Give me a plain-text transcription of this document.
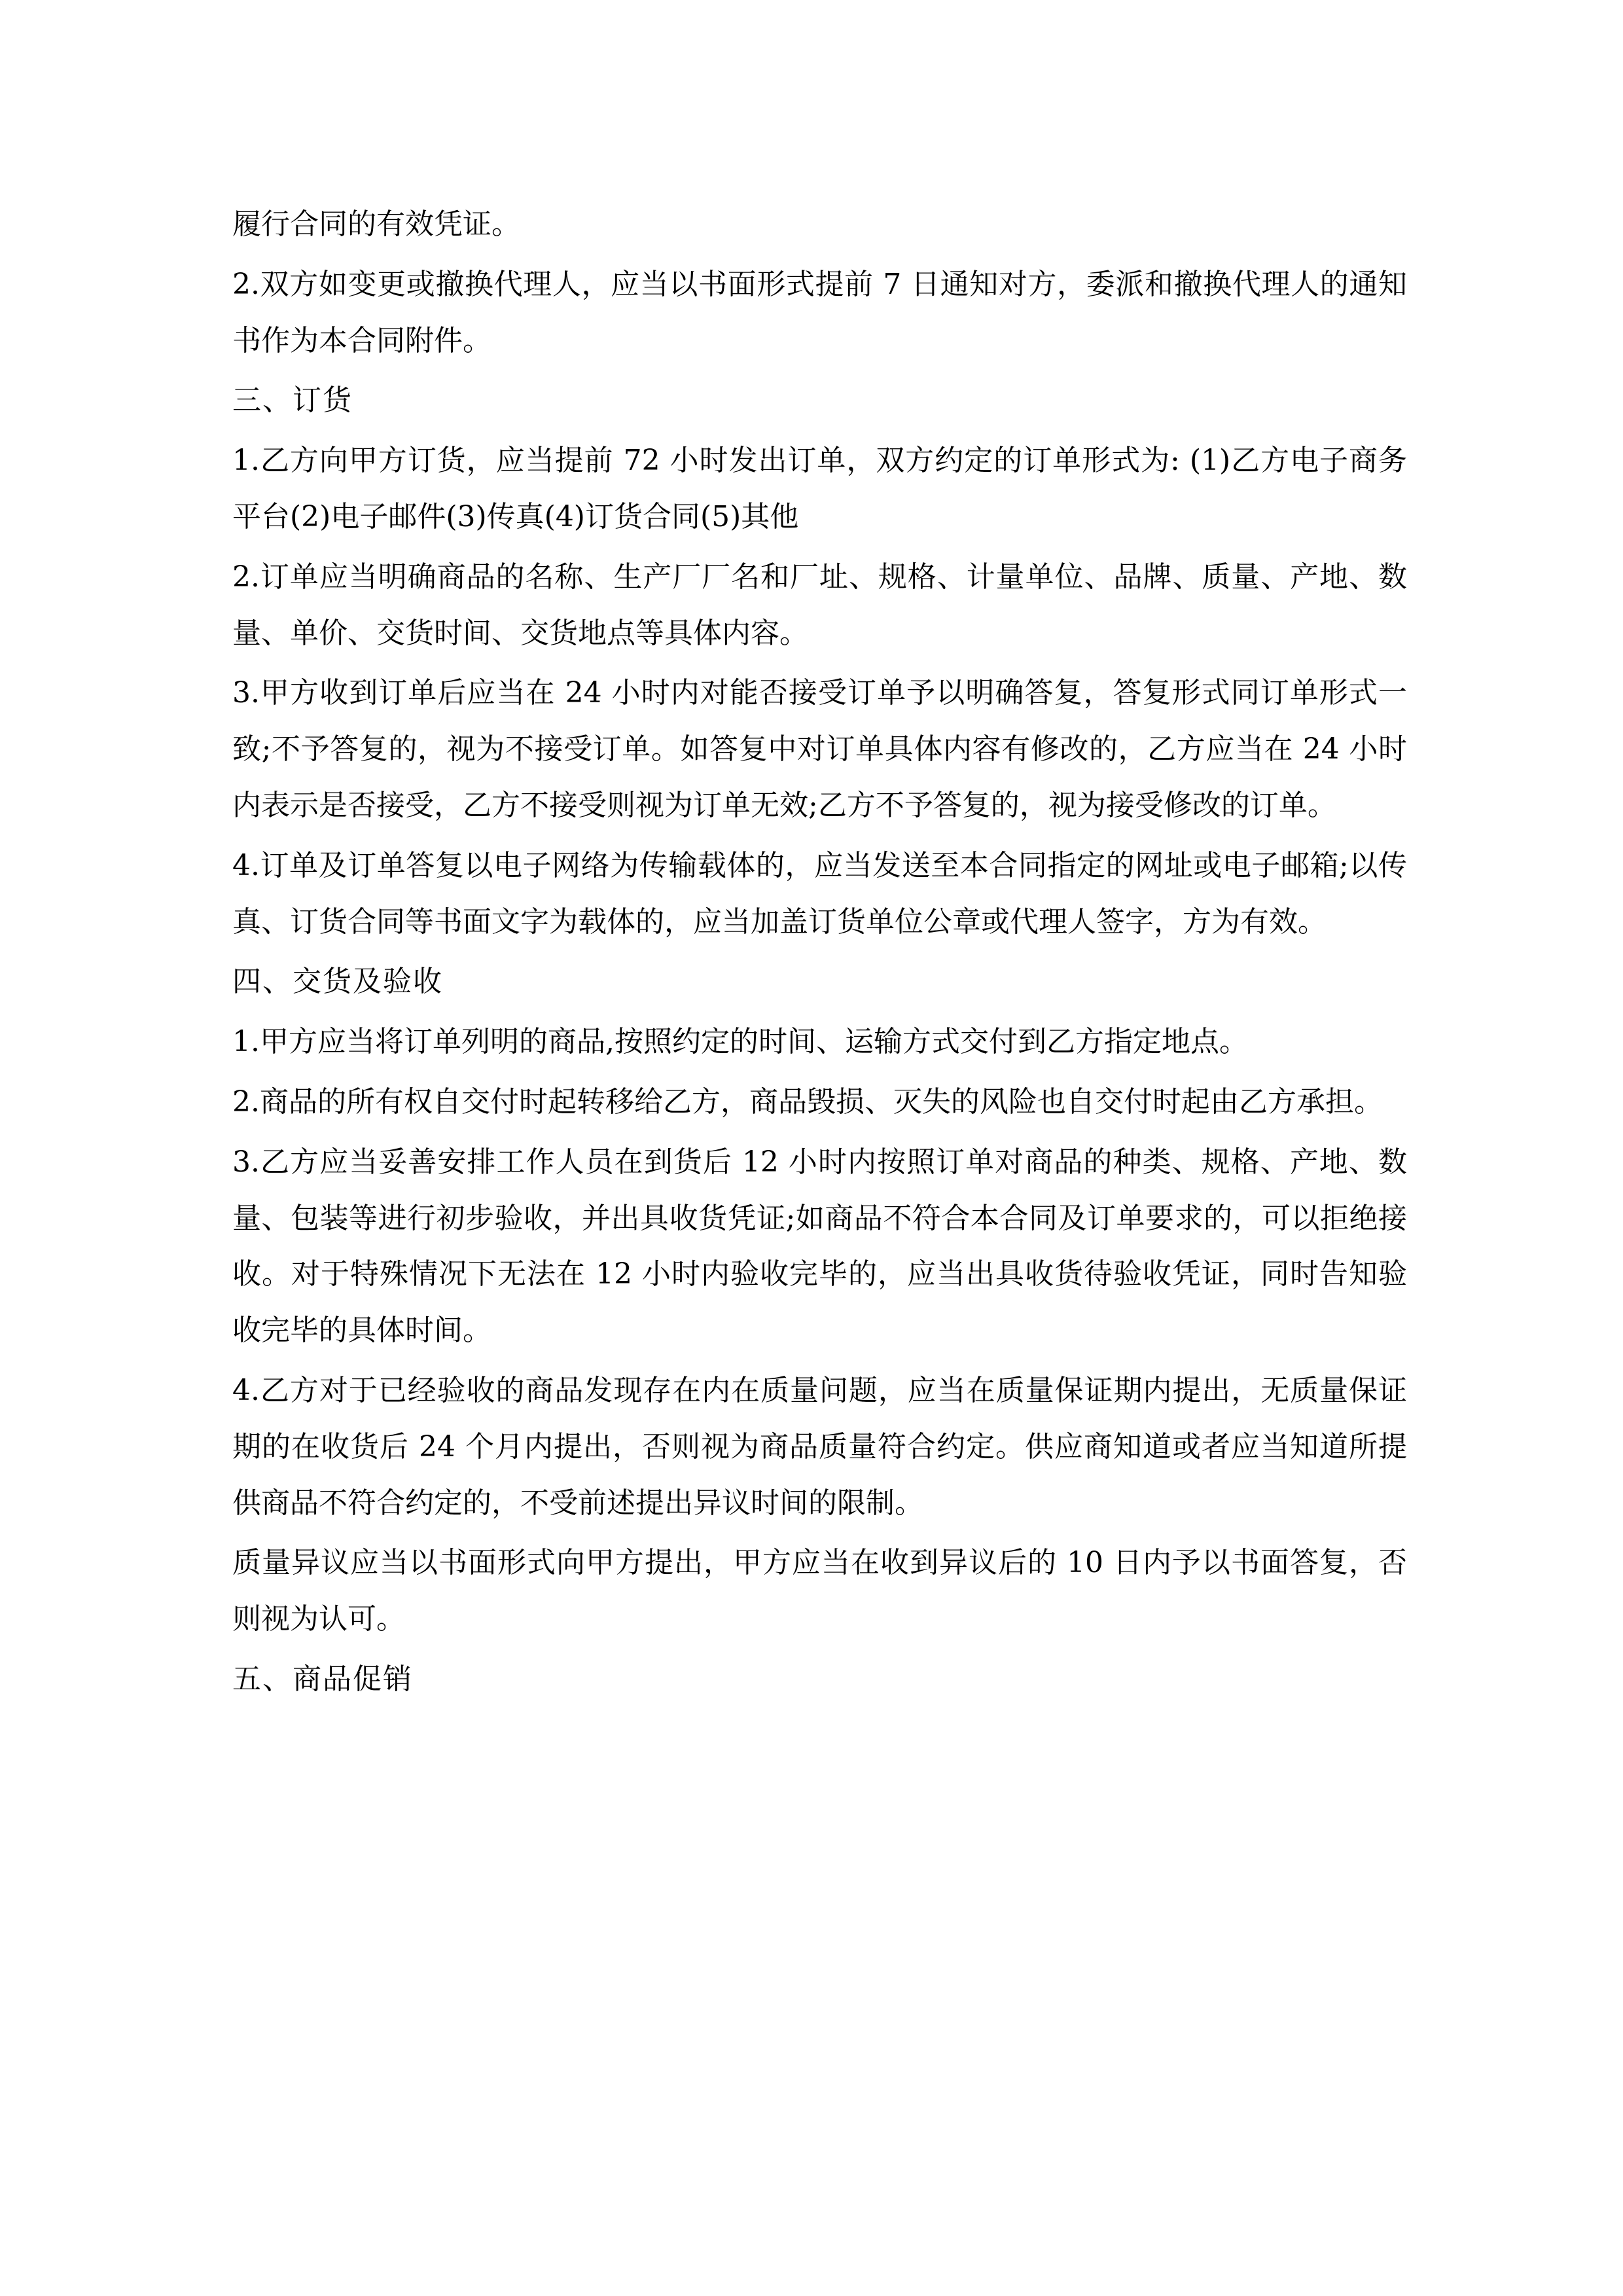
履行合同的有效凭证。

2.双方如变更或撤换代理人，应当以书面形式提前 7 日通知对方，委派和撤换代理人的通知书作为本合同附件。

三、订货

1.乙方向甲方订货，应当提前 72 小时发出订单，双方约定的订单形式为: (1)乙方电子商务平台(2)电子邮件(3)传真(4)订货合同(5)其他

2.订单应当明确商品的名称、生产厂厂名和厂址、规格、计量单位、品牌、质量、产地、数量、单价、交货时间、交货地点等具体内容。

3.甲方收到订单后应当在 24 小时内对能否接受订单予以明确答复，答复形式同订单形式一致;不予答复的，视为不接受订单。如答复中对订单具体内容有修改的，乙方应当在 24 小时内表示是否接受，乙方不接受则视为订单无效;乙方不予答复的，视为接受修改的订单。

4.订单及订单答复以电子网络为传输载体的，应当发送至本合同指定的网址或电子邮箱;以传真、订货合同等书面文字为载体的，应当加盖订货单位公章或代理人签字，方为有效。

四、交货及验收

1.甲方应当将订单列明的商品,按照约定的时间、运输方式交付到乙方指定地点。

2.商品的所有权自交付时起转移给乙方，商品毁损、灭失的风险也自交付时起由乙方承担。

3.乙方应当妥善安排工作人员在到货后 12 小时内按照订单对商品的种类、规格、产地、数量、包装等进行初步验收，并出具收货凭证;如商品不符合本合同及订单要求的，可以拒绝接收。对于特殊情况下无法在 12 小时内验收完毕的，应当出具收货待验收凭证，同时告知验收完毕的具体时间。

4.乙方对于已经验收的商品发现存在内在质量问题，应当在质量保证期内提出，无质量保证期的在收货后 24 个月内提出，否则视为商品质量符合约定。供应商知道或者应当知道所提供商品不符合约定的，不受前述提出异议时间的限制。

质量异议应当以书面形式向甲方提出，甲方应当在收到异议后的 10 日内予以书面答复，否则视为认可。

五、商品促销
